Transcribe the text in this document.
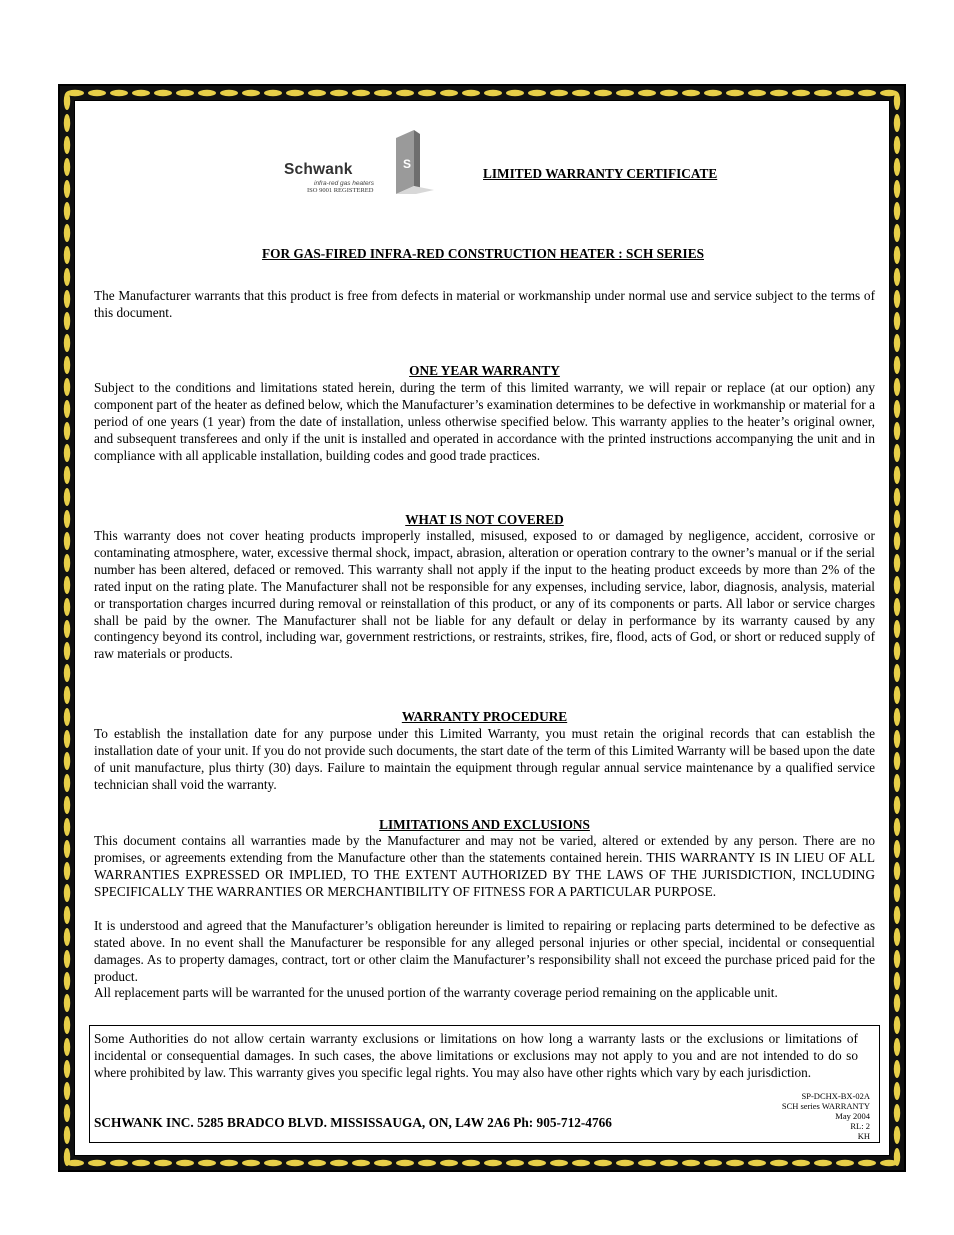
Schwank
infra-red gas heaters
ISO 9001 REGISTERED
S
LIMITED WARRANTY CERTIFICATE
FOR GAS-FIRED INFRA-RED CONSTRUCTION HEATER : SCH SERIES

The Manufacturer warrants that this product is free from defects in material or workmanship under normal use and service subject to the terms of this document.

ONE YEAR WARRANTY

Subject to the conditions and limitations stated herein, during the term of this limited warranty, we will repair or replace (at our option) any component part of the heater as defined below, which the Manufacturer’s examination determines to be defective in workmanship or material for a period of one years (1 year) from the date of installation, unless otherwise specified below. This warranty applies to the heater’s original owner, and subsequent transferees and only if the unit is installed and operated in accordance with the printed instructions accompanying the unit and in compliance with all applicable installation, building codes and good trade practices.

WHAT IS NOT COVERED

This warranty does not cover heating products improperly installed, misused, exposed to or damaged by negligence, accident, corrosive or contaminating atmosphere, water, excessive thermal shock, impact, abrasion, alteration or operation contrary to the owner’s manual or if the serial number has been altered, defaced or removed. This warranty shall not apply if the input to the heating product exceeds by more than 2% of the rated input on the rating plate. The Manufacturer shall not be responsible for any expenses, including service, labor, diagnosis, analysis, material or transportation charges incurred during removal or reinstallation of this product, or any of its components or parts. All labor or service charges shall be paid by the owner. The Manufacturer shall not be liable for any default or delay in performance by its warranty caused by any contingency beyond its control, including war, government restrictions, or restraints, strikes, fire, flood, acts of God, or short or reduced supply of raw materials or products.

WARRANTY PROCEDURE

To establish the installation date for any purpose under this Limited Warranty, you must retain the original records that can establish the installation date of your unit. If you do not provide such documents, the start date of the term of this Limited Warranty will be based upon the date of unit manufacture, plus thirty (30) days. Failure to maintain the equipment through regular annual service maintenance by a qualified service technician shall void the warranty.

LIMITATIONS AND EXCLUSIONS

This document contains all warranties made by the Manufacturer and may not be varied, altered or extended by any person. There are no promises, or agreements extending from the Manufacture other than the statements contained herein. THIS WARRANTY IS IN LIEU OF ALL WARRANTIES EXPRESSED OR IMPLIED, TO THE EXTENT AUTHORIZED BY THE LAWS OF THE JURISDICTION, INCLUDING SPECIFICALLY THE WARRANTIES OR MERCHANTIBILITY OF FITNESS FOR A PARTICULAR PURPOSE.

It is understood and agreed that the Manufacturer’s obligation hereunder is limited to repairing or replacing parts determined to be defective as stated above. In no event shall the Manufacturer be responsible for any alleged personal injuries or other special, incidental or consequential damages. As to property damages, contract, tort or other claim the Manufacturer’s responsibility shall not exceed the purchase priced paid for the product.

All replacement parts will be warranted for the unused portion of the warranty coverage period remaining on the applicable unit.

Some Authorities do not allow certain warranty exclusions or limitations on how long a warranty lasts or the exclusions or limitations of incidental or consequential damages. In such cases, the above limitations or exclusions may not apply to you and are not intended to do so where prohibited by law. This warranty gives you specific legal rights. You may also have other rights which vary by each jurisdiction.

SCHWANK INC. 5285 BRADCO BLVD. MISSISSAUGA, ON, L4W 2A6 Ph: 905-712-4766
SP-DCHX-BX-02A
SCH series WARRANTY
May 2004
RL: 2
KH
